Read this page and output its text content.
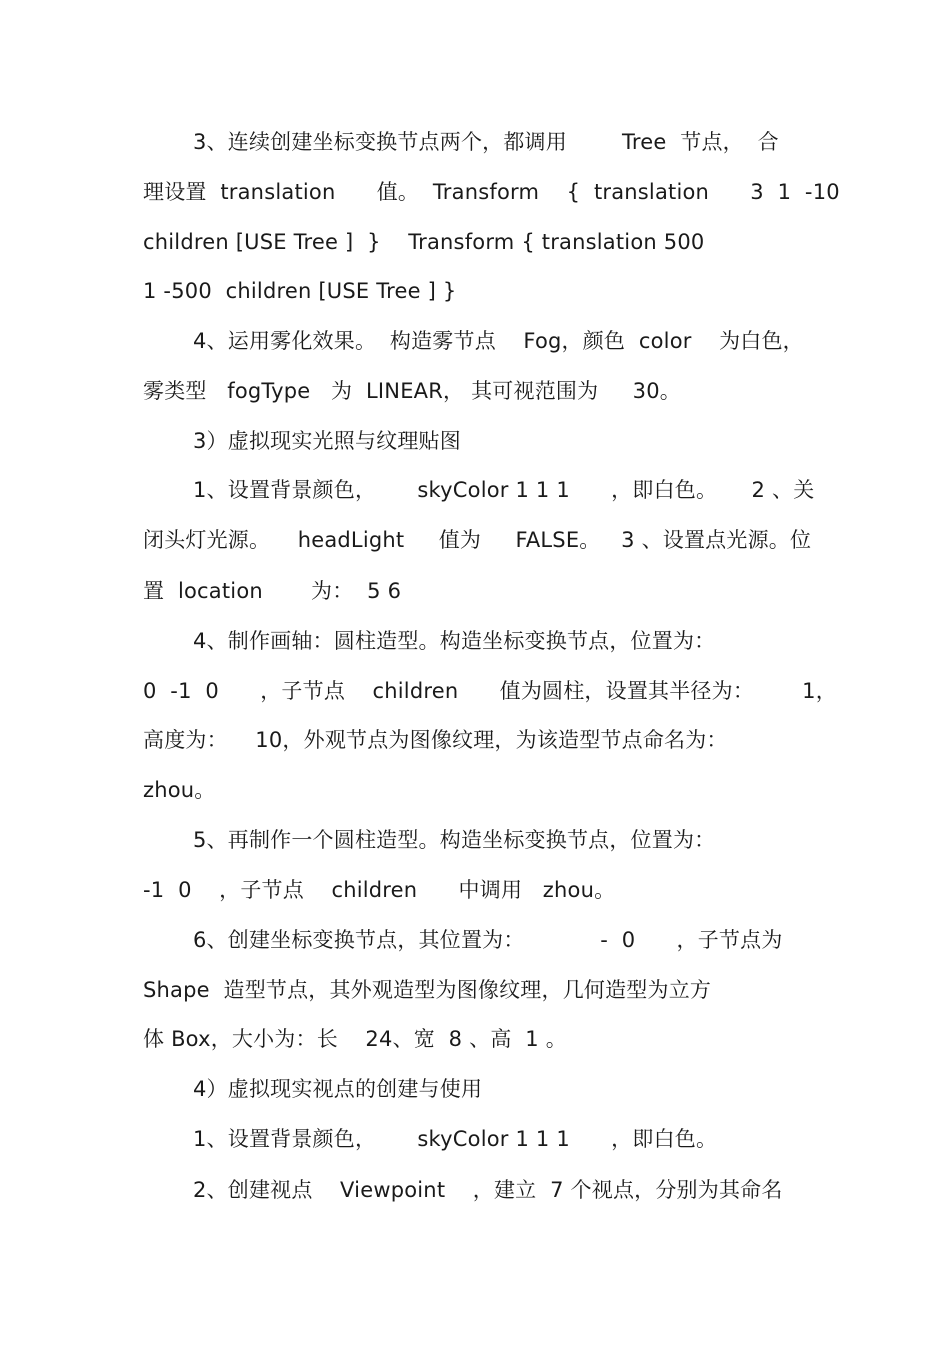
3、连续创建坐标变换节点两个，都调用        Tree  节点，  合
理设置  translation      值。  Transform    {  translation      3  1  -10
children [USE Tree ]  }    Transform { translation 500
1 -500  children [USE Tree ] }
4、运用雾化效果。  构造雾节点    Fog，颜色  color    为白色，
雾类型   fogType   为  LINEAR， 其可视范围为     30。
3）虚拟现实光照与纹理贴图
1、设置背景颜色，      skyColor 1 1 1      ，即白色。     2 、关
闭头灯光源。    headLight     值为     FALSE。   3 、设置点光源。位
置  location       为：  5 6
4、制作画轴：圆柱造型。构造坐标变换节点，位置为：
0  -1  0      ，子节点    children      值为圆柱，设置其半径为：       1，
高度为：    10，外观节点为图像纹理，为该造型节点命名为：
zhou。
5、再制作一个圆柱造型。构造坐标变换节点，位置为：
-1  0    ，子节点    children      中调用   zhou。
6、创建坐标变换节点，其位置为：           -  0      ，子节点为
Shape  造型节点，其外观造型为图像纹理，几何造型为立方
体 Box，大小为：长    24、宽  8 、高  1 。
4）虚拟现实视点的创建与使用
1、设置背景颜色，      skyColor 1 1 1      ，即白色。
2、创建视点    Viewpoint    ，建立  7 个视点，分别为其命名
